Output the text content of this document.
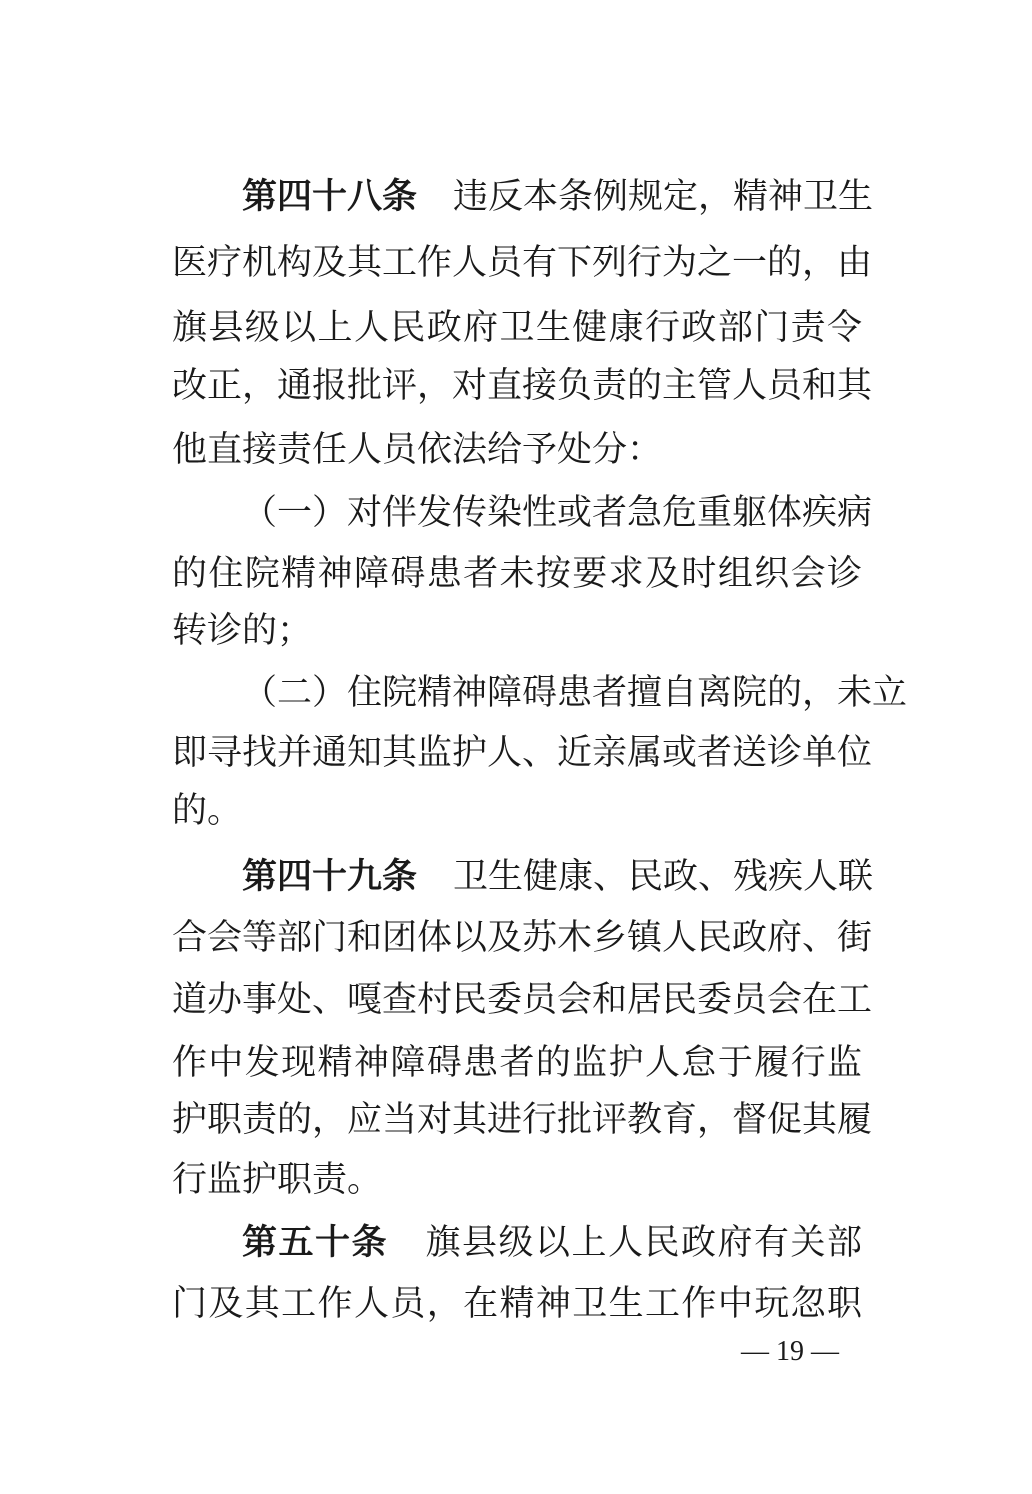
第四十八条 违反本条例规定，精神卫生
医疗机构及其工作人员有下列行为之一的，由
旗县级以上人民政府卫生健康行政部门责令
改正，通报批评，对直接负责的主管人员和其
他直接责任人员依法给予处分：
（一）对伴发传染性或者急危重躯体疾病
的住院精神障碍患者未按要求及时组织会诊
转诊的；
（二）住院精神障碍患者擅自离院的，未立
即寻找并通知其监护人、近亲属或者送诊单位
的。
第四十九条 卫生健康、民政、残疾人联
合会等部门和团体以及苏木乡镇人民政府、街
道办事处、嘎查村民委员会和居民委员会在工
作中发现精神障碍患者的监护人怠于履行监
护职责的，应当对其进行批评教育，督促其履
行监护职责。
第五十条 旗县级以上人民政府有关部
门及其工作人员，在精神卫生工作中玩忽职
— 19 —
